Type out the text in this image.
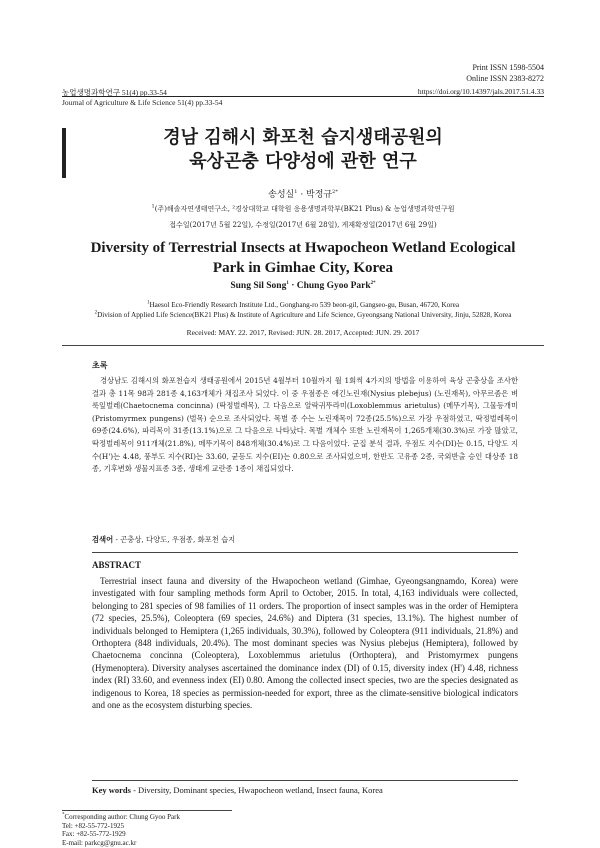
Print ISSN 1598-5504
Online ISSN 2383-8272
농업생명과학연구 51(4) pp.33-54	https://doi.org/10.14397/jals.2017.51.4.33
Journal of Agriculture & Life Science 51(4) pp.33-54
경남 김해시 화포천 습지생태공원의
육상곤충 다양성에 관한 연구
송성실$^1$ · 박정규$^{2*}$
$^1$(주)해솔자연생태연구소, ²경상대학교 대학원 응용생명과학부(BK21 Plus) & 농업생명과학연구원
접수일(2017년 5월 22일), 수정일(2017년 6월 28일), 게재확정일(2017년 6월 29일)
Diversity of Terrestrial Insects at Hwapocheon Wetland Ecological
Park in Gimhae City, Korea
Sung Sil Song$^1$ · Chung Gyoo Park$^{2*}$
$^1$Haesol Eco-Friendly Research Institute Ltd., Gonghang-ro 539 beon-gil, Gangseo-gu, Busan, 46720, Korea
$^2$Division of Applied Life Science(BK21 Plus) & Institute of Agriculture and Life Science, Gyeongsang National University, Jinju, 52828, Korea
Received: MAY. 22. 2017, Revised: JUN. 28. 2017, Accepted: JUN. 29. 2017
초록

경상남도 김해시의 화포천습지 생태공원에서 2015년 4월부터 10월까지 월 1회씩 4가지의 방법을 이용하여 육상 곤충상을 조사한 결과 총 11목 98과 281종 4,163개체가 채집조사 되었다. 이 중 우점종은 애긴노린재(Nysius plebejus) (노린재목), 아무르좀은 벼룩잎벌레(Chaetocnema concinna) (딱정벌레목), 그 다음으로 알락귀뚜라미(Loxoblemmus arietulus) (메뚜기목), 그물등개미(Pristomyrmex pungens) (벌목) 순으로 조사되었다. 목별 종 수는 노린재목이 72종(25.5%)으로 가장 우점하였고, 딱정벌레목이 69종(24.6%), 파리목이 31종(13.1%)으로 그 다음으로 나타났다. 목별 개체수 또한 노린재목이 1,265개체(30.3%)로 가장 많았고, 딱정벌레목이 911개체(21.8%), 메뚜기목이 848개체(30.4%)로 그 다음이었다. 군집 분석 결과, 우점도 지수(DI)는 0.15, 다양도 지수(H')는 4.48, 풍부도 지수(RI)는 33.60, 균등도 지수(EI)는 0.80으로 조사되었으며, 한반도 고유종 2종, 국외반출 승인 대상종 18종, 기후변화 생물지표종 3종, 생태계 교란종 1종이 채집되었다.

검색어 - 곤충상, 다양도, 우점종, 화포천 습지
ABSTRACT

Terrestrial insect fauna and diversity of the Hwapocheon wetland (Gimhae, Gyeongsangnamdo, Korea) were investigated with four sampling methods form April to October, 2015. In total, 4,163 individuals were collected, belonging to 281 species of 98 families of 11 orders. The proportion of insect samples was in the order of Hemiptera (72 species, 25.5%), Coleoptera (69 species, 24.6%) and Diptera (31 species, 13.1%). The highest number of individuals belonged to Hemiptera (1,265 individuals, 30.3%), followed by Coleoptera (911 individuals, 21.8%) and Orthoptera (848 individuals, 20.4%). The most dominant species was Nysius plebejus (Hemiptera), followed by Chaetocnema concinna (Coleoptera), Loxoblemmus arietulus (Orthoptera), and Pristomyrmex pungens (Hymenoptera). Diversity analyses ascertained the dominance index (DI) of 0.15, diversity index (H') 4.48, richness index (RI) 33.60, and evenness index (EI) 0.80. Among the collected insect species, two are the species designated as indigenous to Korea, 18 species as permission-needed for export, three as the climate-sensitive biological indicators and one as the ecosystem disturbing species.

Key words - Diversity, Dominant species, Hwapocheon wetland, Insect fauna, Korea
*Corresponding author: Chung Gyoo Park
Tel: +82-55-772-1925
Fax: +82-55-772-1929
E-mail: parkcg@gnu.ac.kr
